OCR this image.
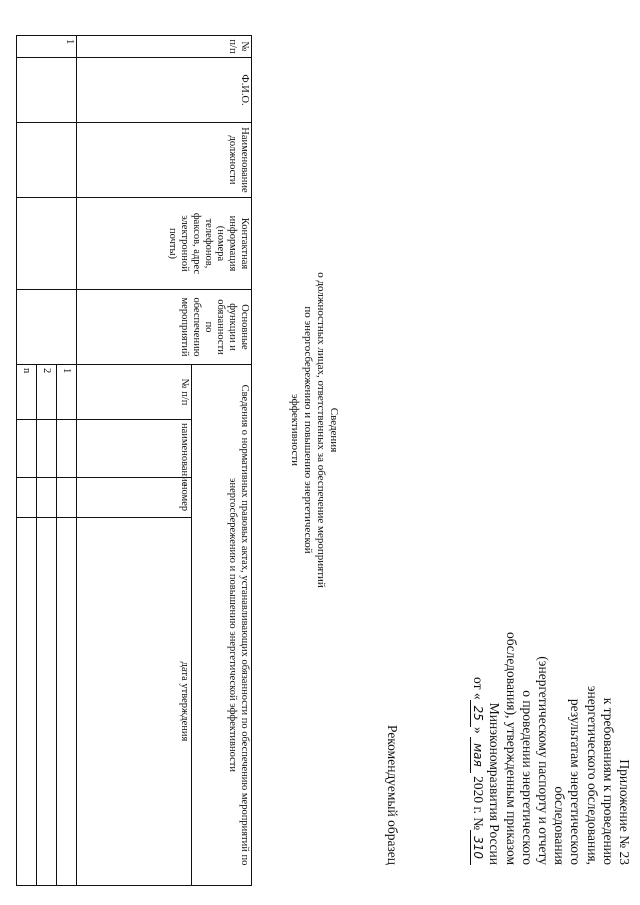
Приложение № 23
к требованиям к проведению
энергетического обследования,
результатам энергетического
обследования
(энергетическому паспорту и отчету
о проведении энергетического
обследования), утвержденным приказом
Минэкономразвития России
от «25» мая 2020 г. №310
Рекомендуемый образец
Сведения
о должностных лицах, ответственных за обеспечение мероприятий по энергосбережению и повышению энергетической эффективности
№ п/п	Ф.И.О.	Наименование должности	Контактная информация (номера телефонов, факсов, адрес электронной почты)	Основные функции и обязанности по обеспечению мероприятий	Сведения о нормативных правовых актах, устанавливающих обязанности по обеспечению мероприятий по энергосбережению и повышению энергетической эффективности			
					№ п/п	наименование	номер	дата утверждения
1					1			
					2			
					n			
